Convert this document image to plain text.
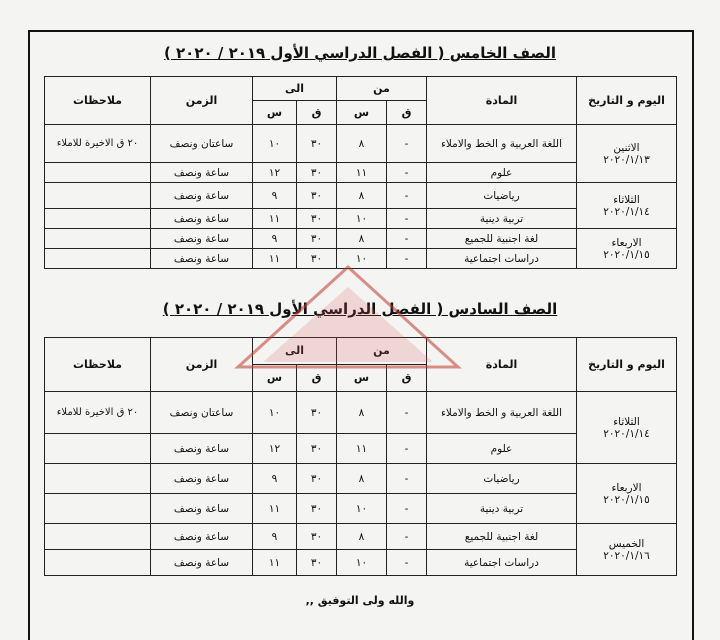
الصف الخامس ( الفصل الدراسي الأول ٢٠١٩ / ٢٠٢٠ )
اليوم و التاريخ	المادة	من		الى		الزمن	ملاحظات
		ق	س	ق	س		
الاثنين
٢٠٢٠/١/١٣	اللغة العربية و الخط والاملاء	-	٨	٣٠	١٠	ساعتان ونصف	٢٠ ق الاخيرة للاملاء
	علوم	-	١١	٣٠	١٢	ساعة ونصف	
الثلاثاء
٢٠٢٠/١/١٤	رياضيات	-	٨	٣٠	٩	ساعة ونصف	
	تربية دينية	-	١٠	٣٠	١١	ساعة ونصف	
الاربعاء
٢٠٢٠/١/١٥	لغة اجنبية للجميع	-	٨	٣٠	٩	ساعة ونصف	
	دراسات اجتماعية	-	١٠	٣٠	١١	ساعة ونصف	
الصف السادس ( الفصل الدراسي الأول ٢٠١٩ / ٢٠٢٠ )
اليوم و التاريخ	المادة	من		الى		الزمن	ملاحظات
		ق	س	ق	س		
الثلاثاء
٢٠٢٠/١/١٤	اللغة العربية و الخط والاملاء	-	٨	٣٠	١٠	ساعتان ونصف	٢٠ ق الاخيرة للاملاء
	علوم	-	١١	٣٠	١٢	ساعة ونصف	
الاربعاء
٢٠٢٠/١/١٥	رياضيات	-	٨	٣٠	٩	ساعة ونصف	
	تربية دينية	-	١٠	٣٠	١١	ساعة ونصف	
الخميس
٢٠٢٠/١/١٦	لغة اجنبية للجميع	-	٨	٣٠	٩	ساعة ونصف	
	دراسات اجتماعية	-	١٠	٣٠	١١	ساعة ونصف	
والله ولى التوفيق ,,
